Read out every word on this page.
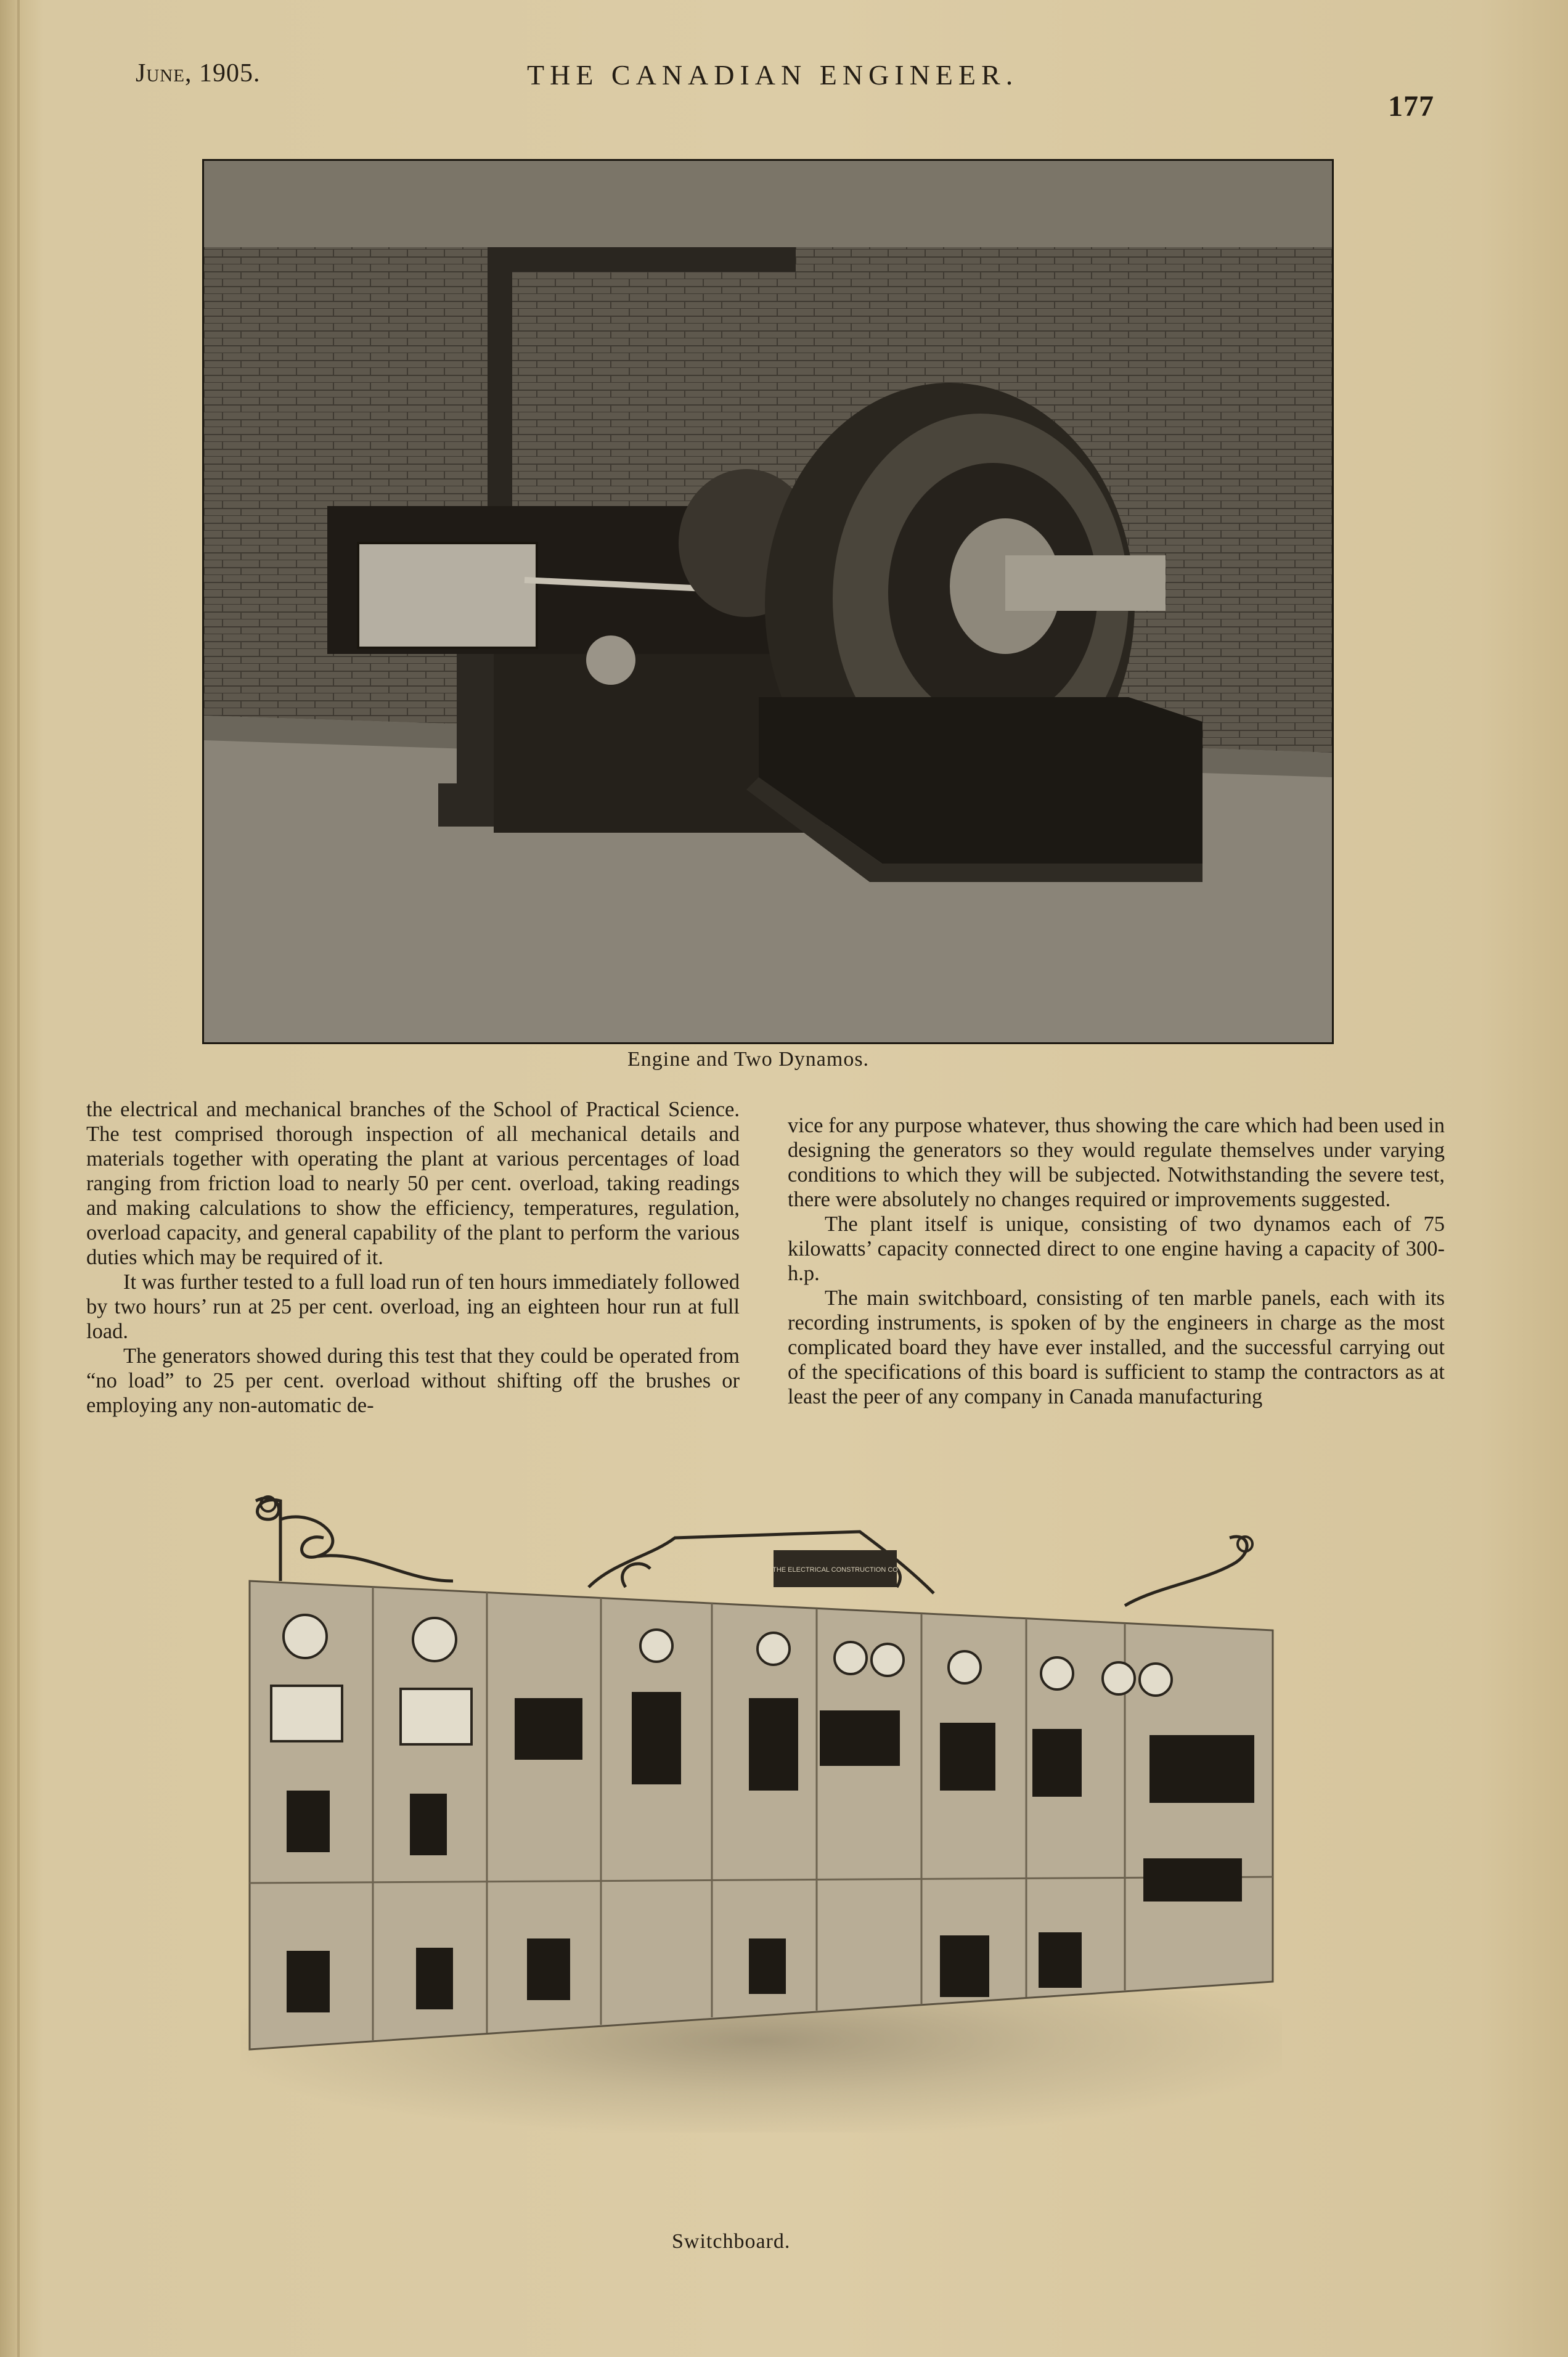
June, 1905.	THE CANADIAN ENGINEER.
177
Engine and Two Dynamos.

the electrical and mechanical branches of the School of Practical Science. The test comprised thorough inspection of all mechanical details and materials together with operating the plant at various percentages of load ranging from friction load to nearly 50 per cent. overload, taking readings and making calculations to show the efficiency, temperatures, regulation, overload capacity, and general capability of the plant to perform the various duties which may be required of it.

It was further tested to a full load run of ten hours immediately followed by two hours’ run at 25 per cent. overload, ing an eighteen hour run at full load.

The generators showed during this test that they could be operated from “no load” to 25 per cent. overload without shifting off the brushes or employing any non-automatic de-

vice for any purpose whatever, thus showing the care which had been used in designing the generators so they would regulate themselves under varying conditions to which they will be subjected. Notwithstanding the severe test, there were absolutely no changes required or improvements suggested.

The plant itself is unique, consisting of two dynamos each of 75 kilowatts’ capacity connected direct to one engine having a capacity of 300-h.p.

The main switchboard, consisting of ten marble panels, each with its recording instruments, is spoken of by the engineers in charge as the most complicated board they have ever installed, and the successful carrying out of the specifications of this board is sufficient to stamp the contractors as at least the peer of any company in Canada manufacturing

THE ELECTRICAL CONSTRUCTION CO
Switchboard.
